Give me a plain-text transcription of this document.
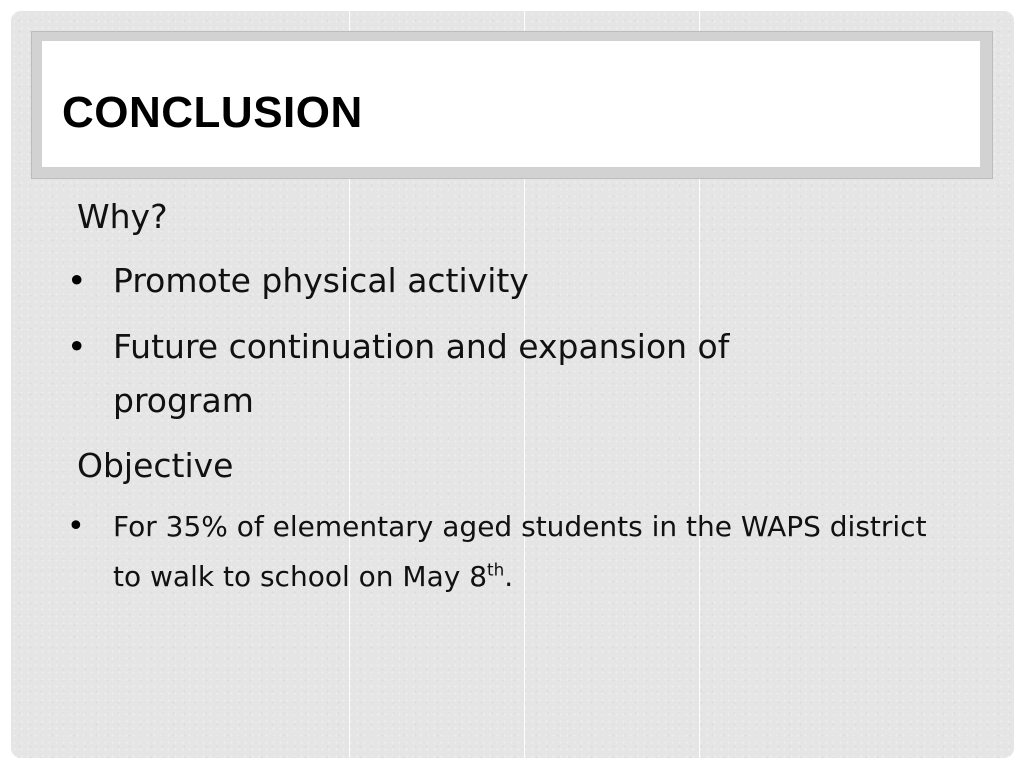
CONCLUSION
Why?
• Promote physical activity
• Future continuation and expansion of program
Objective
• For 35% of elementary aged students in the WAPS district to walk to school on May 8th.
